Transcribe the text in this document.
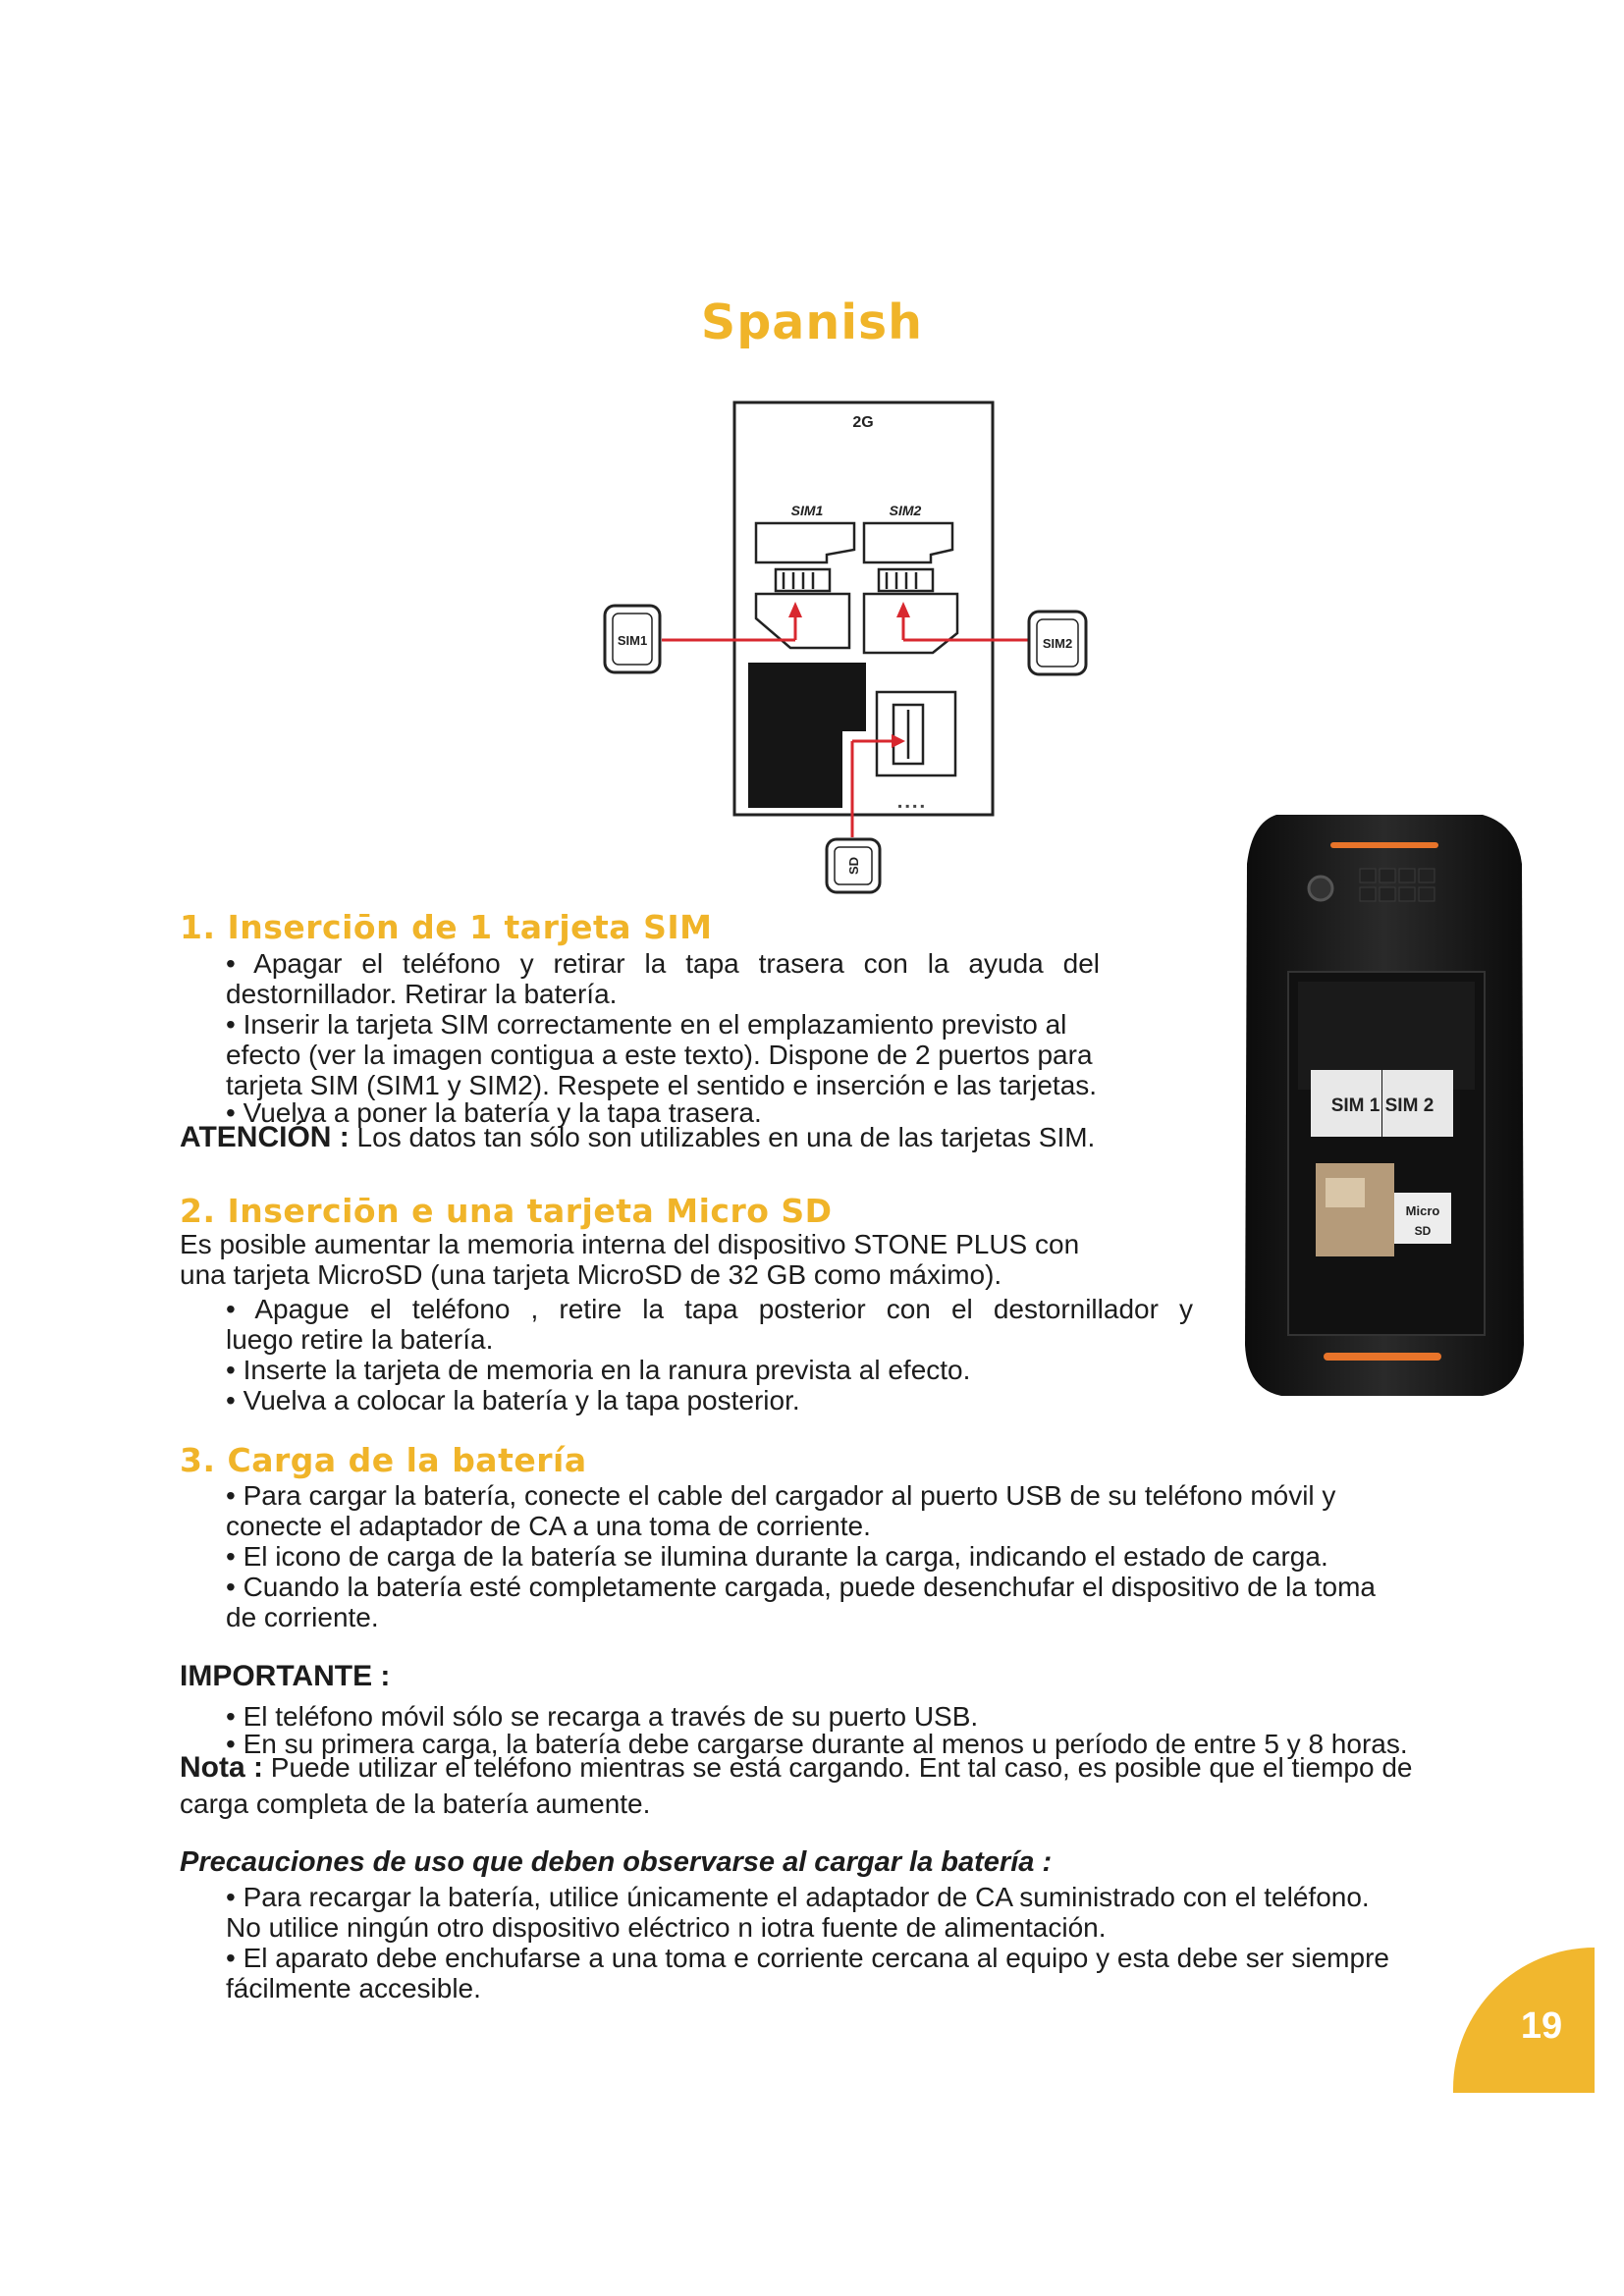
Spanish
2G
SIM1	SIM2
▪ ▪ ▪ ▪
SIM1	SIM2
SD
SIM 1 SIM 2
Micro
SD
1. Inserciōn de 1 tarjeta SIM
• Apagar el teléfono y retirar la tapa trasera con la ayuda del
destornillador. Retirar la batería.
• Inserir la tarjeta SIM correctamente en el emplazamiento previsto al
efecto (ver la imagen contigua a este texto). Dispone de 2 puertos para
tarjeta SIM (SIM1 y SIM2). Respete el sentido e inserción e las tarjetas.
• Vuelva a poner la batería y la tapa trasera.
ATENCIÓN : Los datos tan sólo son utilizables en una de las tarjetas SIM.
2. Inserciōn e una tarjeta Micro SD
Es posible aumentar la memoria interna del dispositivo STONE PLUS con
una tarjeta MicroSD (una tarjeta MicroSD de 32 GB como máximo).
• Apague el teléfono , retire la tapa posterior con el destornillador y
luego retire la batería.
• Inserte la tarjeta de memoria en la ranura prevista al efecto.
• Vuelva a colocar la batería y la tapa posterior.
3. Carga de la batería
• Para cargar la batería, conecte el cable del cargador al puerto USB de su teléfono móvil y
conecte el adaptador de CA a una toma de corriente.
• El icono de carga de la batería se ilumina durante la carga, indicando el estado de carga.
• Cuando la batería esté completamente cargada, puede desenchufar el dispositivo de la toma
de corriente.
IMPORTANTE :
• El teléfono móvil sólo se recarga a través de su puerto USB.
• En su primera carga, la batería debe cargarse durante al menos u período de entre 5 y 8 horas.
Nota : Puede utilizar el teléfono mientras se está cargando. Ent tal caso, es posible que el tiempo de
carga completa de la batería aumente.
Precauciones de uso que deben observarse al cargar la batería :
• Para recargar la batería, utilice únicamente el adaptador de CA suministrado con el teléfono.
No utilice ningún otro dispositivo eléctrico n iotra fuente de alimentación.
• El aparato debe enchufarse a una toma e corriente cercana al equipo y esta debe ser siempre
fácilmente accesible.
19
